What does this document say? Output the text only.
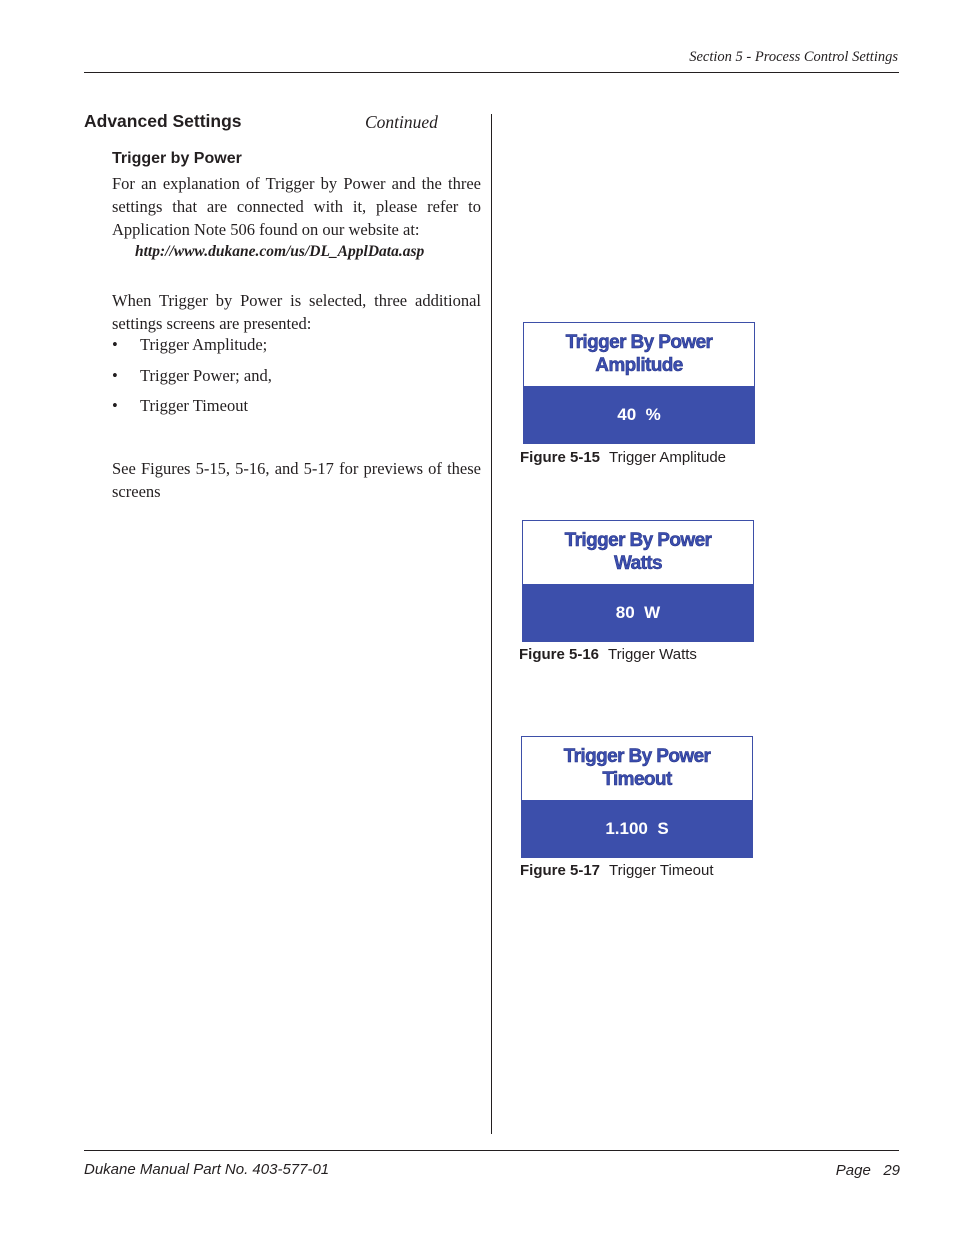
Section 5 - Process Control Settings
Advanced Settings	Continued
Trigger by Power
For an explanation of Trigger by Power and the three settings that are connected with it, please refer to Application Note 506 found on our website at:
http://www.dukane.com/us/DL_ApplData.asp
When Trigger by Power is selected, three additional settings screens are presented:
• Trigger Amplitude;
• Trigger Power; and,
• Trigger Timeout
See Figures 5-15, 5-16, and 5-17 for previews of these screens
Trigger By Power
Amplitude
40  %
Figure 5-15 Trigger Amplitude
Trigger By Power
Watts
80  W
Figure 5-16 Trigger Watts
Trigger By Power
Timeout
1.100  S
Figure 5-17 Trigger Timeout
Dukane Manual Part No. 403-577-01	Page 29
